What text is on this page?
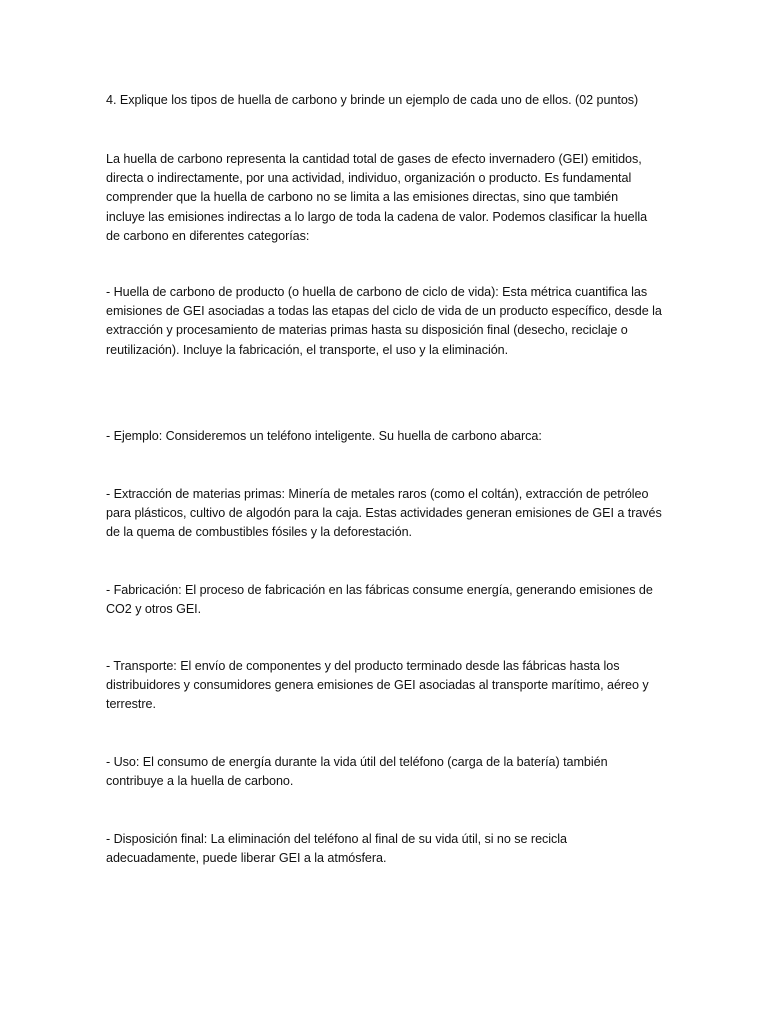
4. Explique los tipos de huella de carbono y brinde un ejemplo de cada uno de ellos. (02 puntos)

La huella de carbono representa la cantidad total de gases de efecto invernadero (GEI) emitidos,
directa o indirectamente, por una actividad, individuo, organización o producto. Es fundamental
comprender que la huella de carbono no se limita a las emisiones directas, sino que también
incluye las emisiones indirectas a lo largo de toda la cadena de valor. Podemos clasificar la huella
de carbono en diferentes categorías:

- Huella de carbono de producto (o huella de carbono de ciclo de vida): Esta métrica cuantifica las
emisiones de GEI asociadas a todas las etapas del ciclo de vida de un producto específico, desde la
extracción y procesamiento de materias primas hasta su disposición final (desecho, reciclaje o
reutilización). Incluye la fabricación, el transporte, el uso y la eliminación.

- Ejemplo: Consideremos un teléfono inteligente. Su huella de carbono abarca:

- Extracción de materias primas: Minería de metales raros (como el coltán), extracción de petróleo
para plásticos, cultivo de algodón para la caja. Estas actividades generan emisiones de GEI a través
de la quema de combustibles fósiles y la deforestación.

- Fabricación: El proceso de fabricación en las fábricas consume energía, generando emisiones de
CO2 y otros GEI.

- Transporte: El envío de componentes y del producto terminado desde las fábricas hasta los
distribuidores y consumidores genera emisiones de GEI asociadas al transporte marítimo, aéreo y
terrestre.

- Uso: El consumo de energía durante la vida útil del teléfono (carga de la batería) también
contribuye a la huella de carbono.

- Disposición final: La eliminación del teléfono al final de su vida útil, si no se recicla
adecuadamente, puede liberar GEI a la atmósfera.
